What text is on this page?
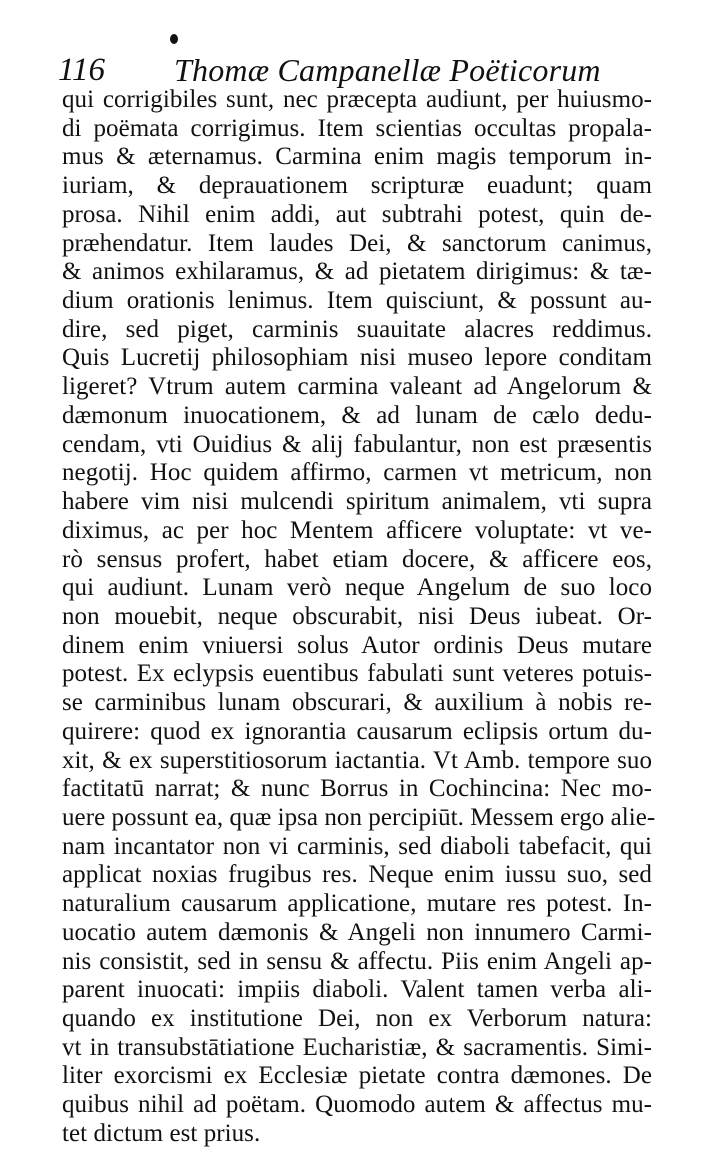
116 Thomæ Campanellæ Poëticorum
qui corrigibiles sunt, nec præcepta audiunt, per huiusmo-
di poëmata corrigimus. Item scientias occultas propala-
mus & æternamus. Carmina enim magis temporum in-
iuriam, & deprauationem scripturæ euadunt; quam
prosa. Nihil enim addi, aut subtrahi potest, quin de-
præhendatur. Item laudes Dei, & sanctorum canimus,
& animos exhilaramus, & ad pietatem dirigimus: & tæ-
dium orationis lenimus. Item quisciunt, & possunt au-
dire, sed piget, carminis suauitate alacres reddimus.
Quis Lucretij philosophiam nisi museo lepore conditam
ligeret? Vtrum autem carmina valeant ad Angelorum &
dæmonum inuocationem, & ad lunam de cælo dedu-
cendam, vti Ouidius & alij fabulantur, non est præsentis
negotij. Hoc quidem affirmo, carmen vt metricum, non
habere vim nisi mulcendi spiritum animalem, vti supra
diximus, ac per hoc Mentem afficere voluptate: vt ve-
rò sensus profert, habet etiam docere, & afficere eos,
qui audiunt. Lunam verò neque Angelum de suo loco
non mouebit, neque obscurabit, nisi Deus iubeat. Or-
dinem enim vniuersi solus Autor ordinis Deus mutare
potest. Ex eclypsis euentibus fabulati sunt veteres potuis-
se carminibus lunam obscurari, & auxilium à nobis re-
quirere: quod ex ignorantia causarum eclipsis ortum du-
xit, & ex superstitiosorum iactantia. Vt Amb. tempore suo
factitatū narrat; & nunc Borrus in Cochincina: Nec mo-
uere possunt ea, quæ ipsa non percipiūt. Messem ergo alie-
nam incantator non vi carminis, sed diaboli tabefacit, qui
applicat noxias frugibus res. Neque enim iussu suo, sed
naturalium causarum applicatione, mutare res potest. In-
uocatio autem dæmonis & Angeli non innumero Carmi-
nis consistit, sed in sensu & affectu. Piis enim Angeli ap-
parent inuocati: impiis diaboli. Valent tamen verba ali-
quando ex institutione Dei, non ex Verborum natura:
vt in transubstātiatione Eucharistiæ, & sacramentis. Simi-
liter exorcismi ex Ecclesiæ pietate contra dæmones. De
quibus nihil ad poëtam. Quomodo autem & affectus mu-
tet dictum est prius.
